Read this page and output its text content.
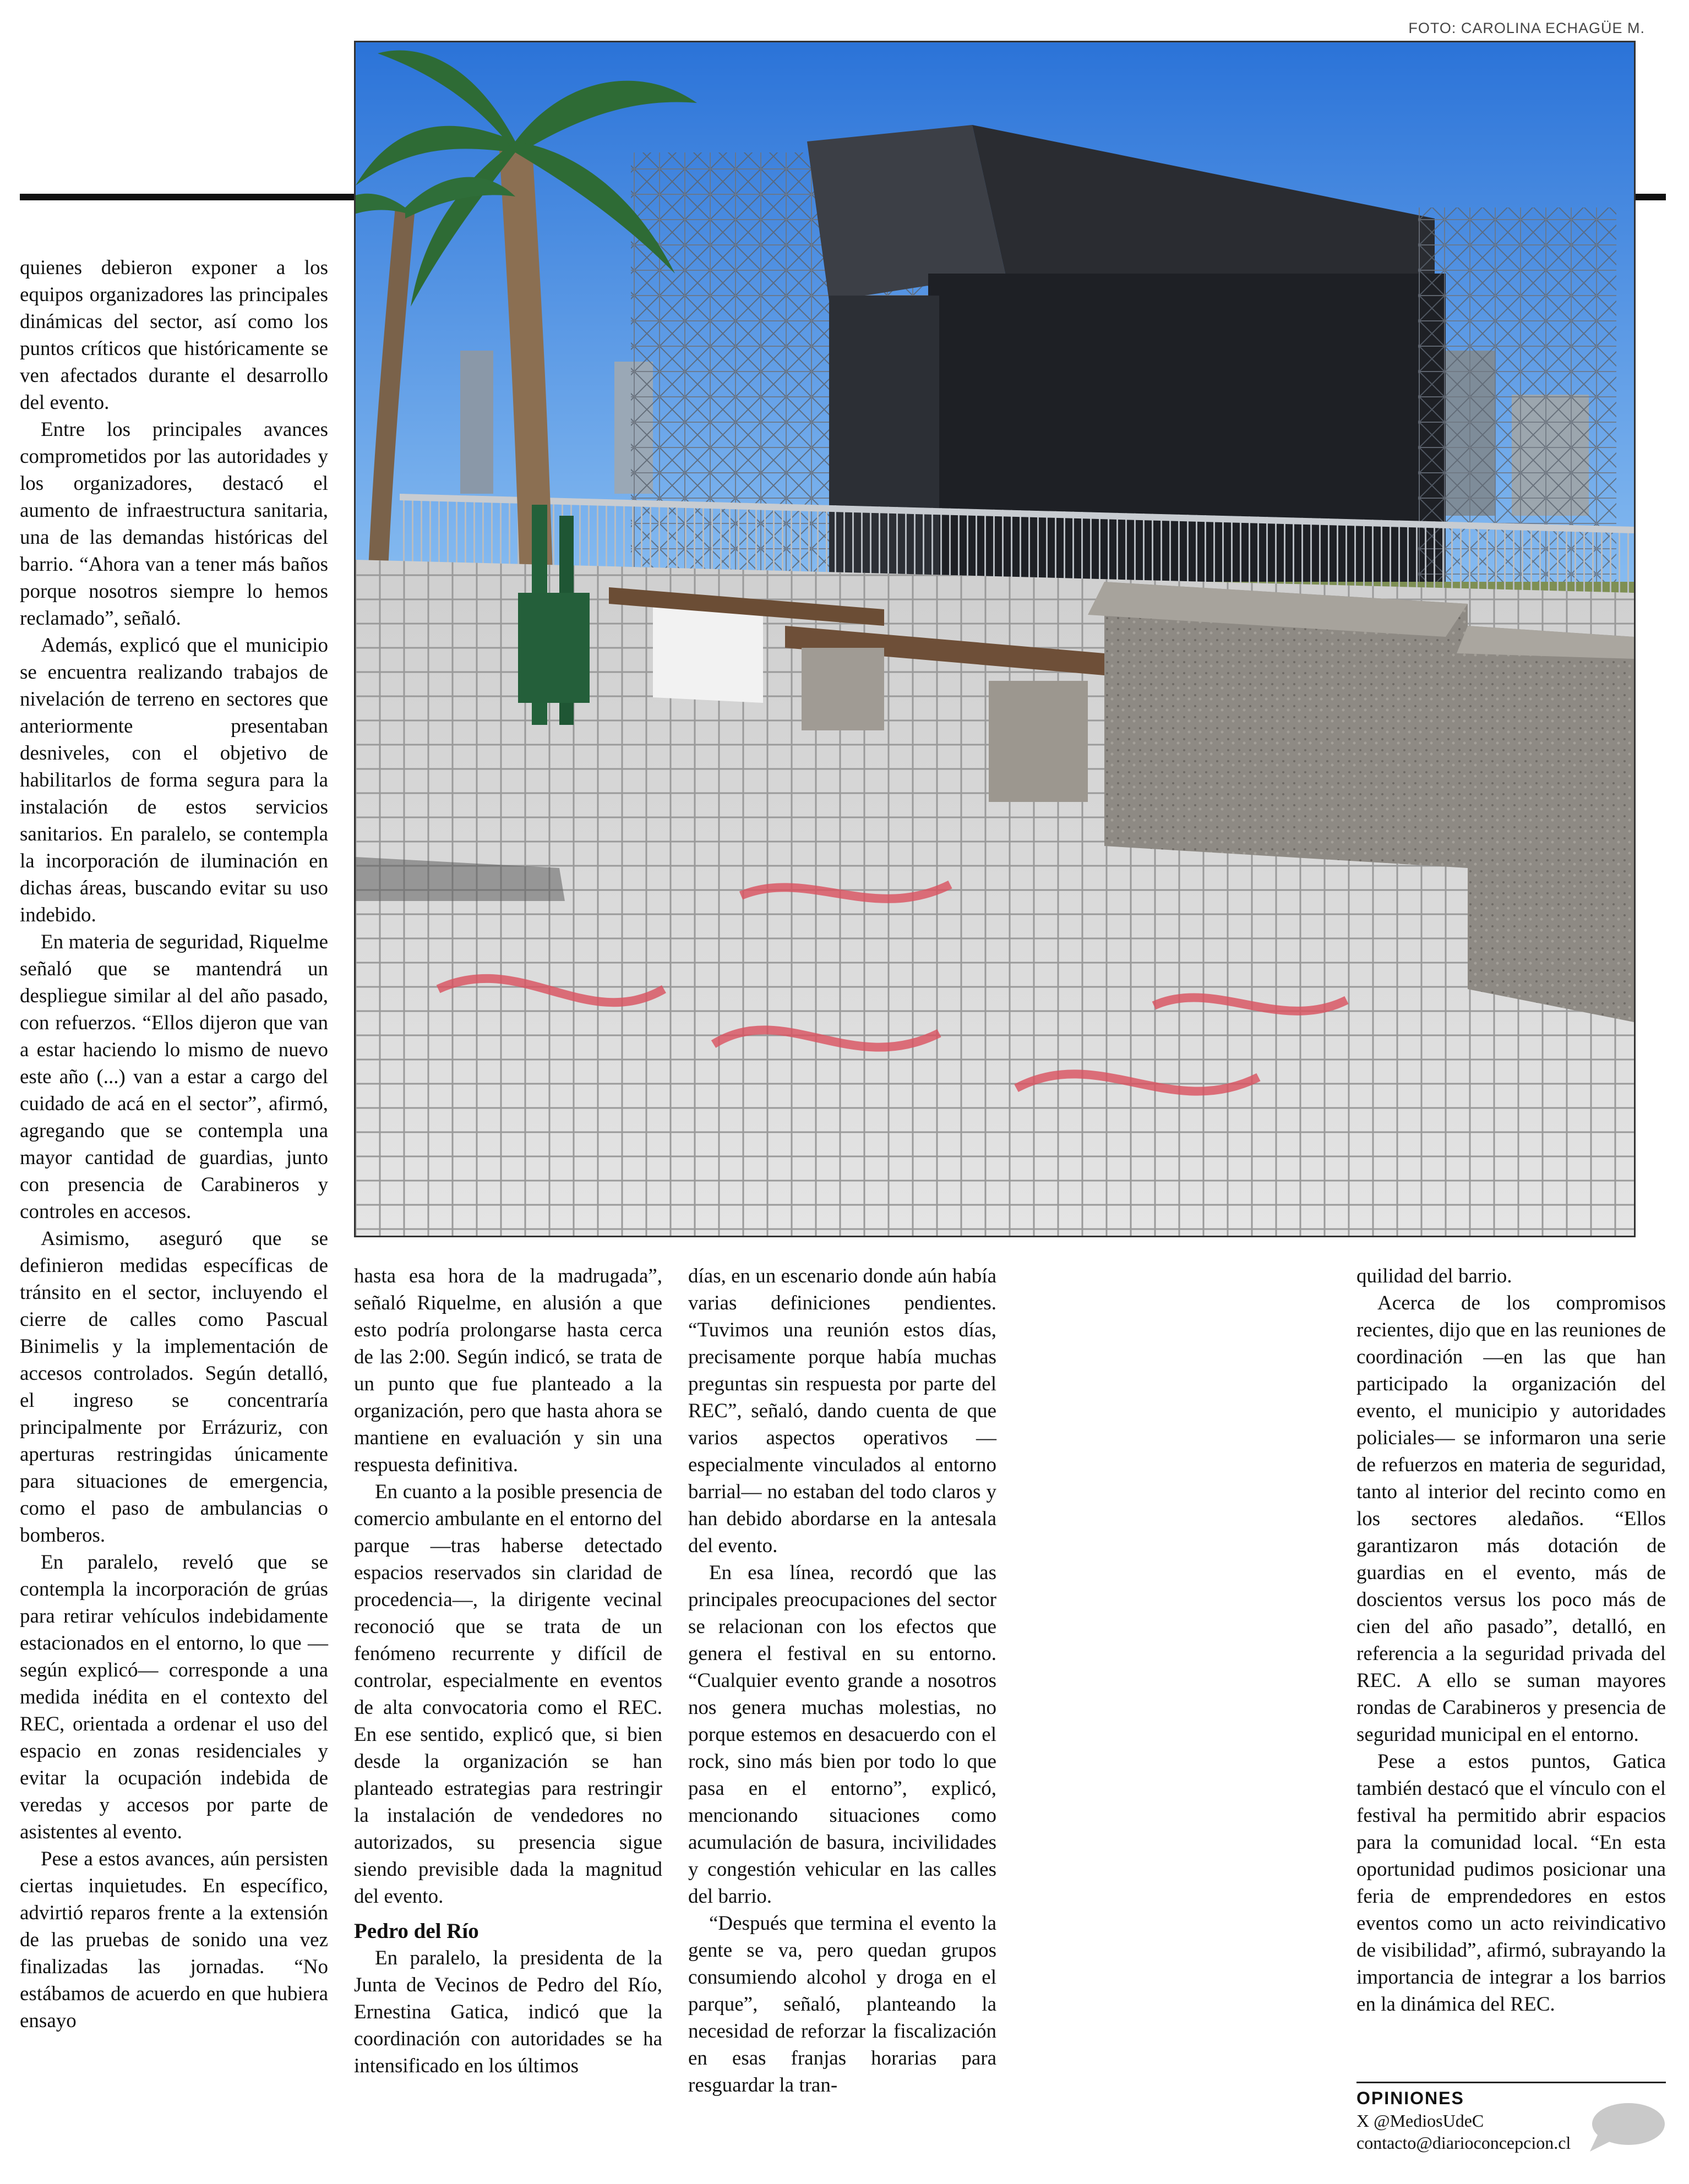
FOTO: CAROLINA ECHAGÜE M.

quienes debieron exponer a los equipos organizadores las principales dinámicas del sector, así como los puntos críticos que históricamente se ven afectados durante el desarrollo del evento.

Entre los principales avances comprometidos por las autoridades y los organizadores, destacó el aumento de infraestructura sanitaria, una de las demandas históricas del barrio. “Ahora van a tener más baños porque nosotros siempre lo hemos reclamado”, señaló.

Además, explicó que el municipio se encuentra realizando trabajos de nivelación de terreno en sectores que anteriormente presentaban desniveles, con el objetivo de habilitarlos de forma segura para la instalación de estos servicios sanitarios. En paralelo, se contempla la incorporación de iluminación en dichas áreas, buscando evitar su uso indebido.

En materia de seguridad, Riquelme señaló que se mantendrá un despliegue similar al del año pasado, con refuerzos. “Ellos dijeron que van a estar haciendo lo mismo de nuevo este año (...) van a estar a cargo del cuidado de acá en el sector”, afirmó, agregando que se contempla una mayor cantidad de guardias, junto con presencia de Carabineros y controles en accesos.

Asimismo, aseguró que se definieron medidas específicas de tránsito en el sector, incluyendo el cierre de calles como Pascual Binimelis y la implementación de accesos controlados. Según detalló, el ingreso se concentraría principalmente por Errázuriz, con aperturas restringidas únicamente para situaciones de emergencia, como el paso de ambulancias o bomberos.

En paralelo, reveló que se contempla la incorporación de grúas para retirar vehículos indebidamente estacionados en el entorno, lo que —según explicó— corresponde a una medida inédita en el contexto del REC, orientada a ordenar el uso del espacio en zonas residenciales y evitar la ocupación indebida de veredas y accesos por parte de asistentes al evento.

Pese a estos avances, aún persisten ciertas inquietudes. En específico, advirtió reparos frente a la extensión de las pruebas de sonido una vez finalizadas las jornadas. “No estábamos de acuerdo en que hubiera ensayo

hasta esa hora de la madrugada”, señaló Riquelme, en alusión a que esto podría prolongarse hasta cerca de las 2:00. Según indicó, se trata de un punto que fue planteado a la organización, pero que hasta ahora se mantiene en evaluación y sin una respuesta definitiva.

En cuanto a la posible presencia de comercio ambulante en el entorno del parque —tras haberse detectado espacios reservados sin claridad de procedencia—, la dirigente vecinal reconoció que se trata de un fenómeno recurrente y difícil de controlar, especialmente en eventos de alta convocatoria como el REC. En ese sentido, explicó que, si bien desde la organización se han planteado estrategias para restringir la instalación de vendedores no autorizados, su presencia sigue siendo previsible dada la magnitud del evento.

Pedro del Río

En paralelo, la presidenta de la Junta de Vecinos de Pedro del Río, Ernestina Gatica, indicó que la coordinación con autoridades se ha intensificado en los últimos

días, en un escenario donde aún había varias definiciones pendientes. “Tuvimos una reunión estos días, precisamente porque había muchas preguntas sin respuesta por parte del REC”, señaló, dando cuenta de que varios aspectos operativos —especialmente vinculados al entorno barrial— no estaban del todo claros y han debido abordarse en la antesala del evento.

En esa línea, recordó que las principales preocupaciones del sector se relacionan con los efectos que genera el festival en su entorno. “Cualquier evento grande a nosotros nos genera muchas molestias, no porque estemos en desacuerdo con el rock, sino más bien por todo lo que pasa en el entorno”, explicó, mencionando situaciones como acumulación de basura, incivilidades y congestión vehicular en las calles del barrio.

“Después que termina el evento la gente se va, pero quedan grupos consumiendo alcohol y droga en el parque”, señaló, planteando la necesidad de reforzar la fiscalización en esas franjas horarias para resguardar la tran-

quilidad del barrio.

Acerca de los compromisos recientes, dijo que en las reuniones de coordinación —en las que han participado la organización del evento, el municipio y autoridades policiales— se informaron una serie de refuerzos en materia de seguridad, tanto al interior del recinto como en los sectores aledaños. “Ellos garantizaron más dotación de guardias en el evento, más de doscientos versus los poco más de cien del año pasado”, detalló, en referencia a la seguridad privada del REC. A ello se suman mayores rondas de Carabineros y presencia de seguridad municipal en el entorno.

Pese a estos puntos, Gatica también destacó que el vínculo con el festival ha permitido abrir espacios para la comunidad local. “En esta oportunidad pudimos posicionar una feria de emprendedores en estos eventos como un acto reivindicativo de visibilidad”, afirmó, subrayando la importancia de integrar a los barrios en la dinámica del REC.

OPINIONES
X @MediosUdeC
contacto@diarioconcepcion.cl
